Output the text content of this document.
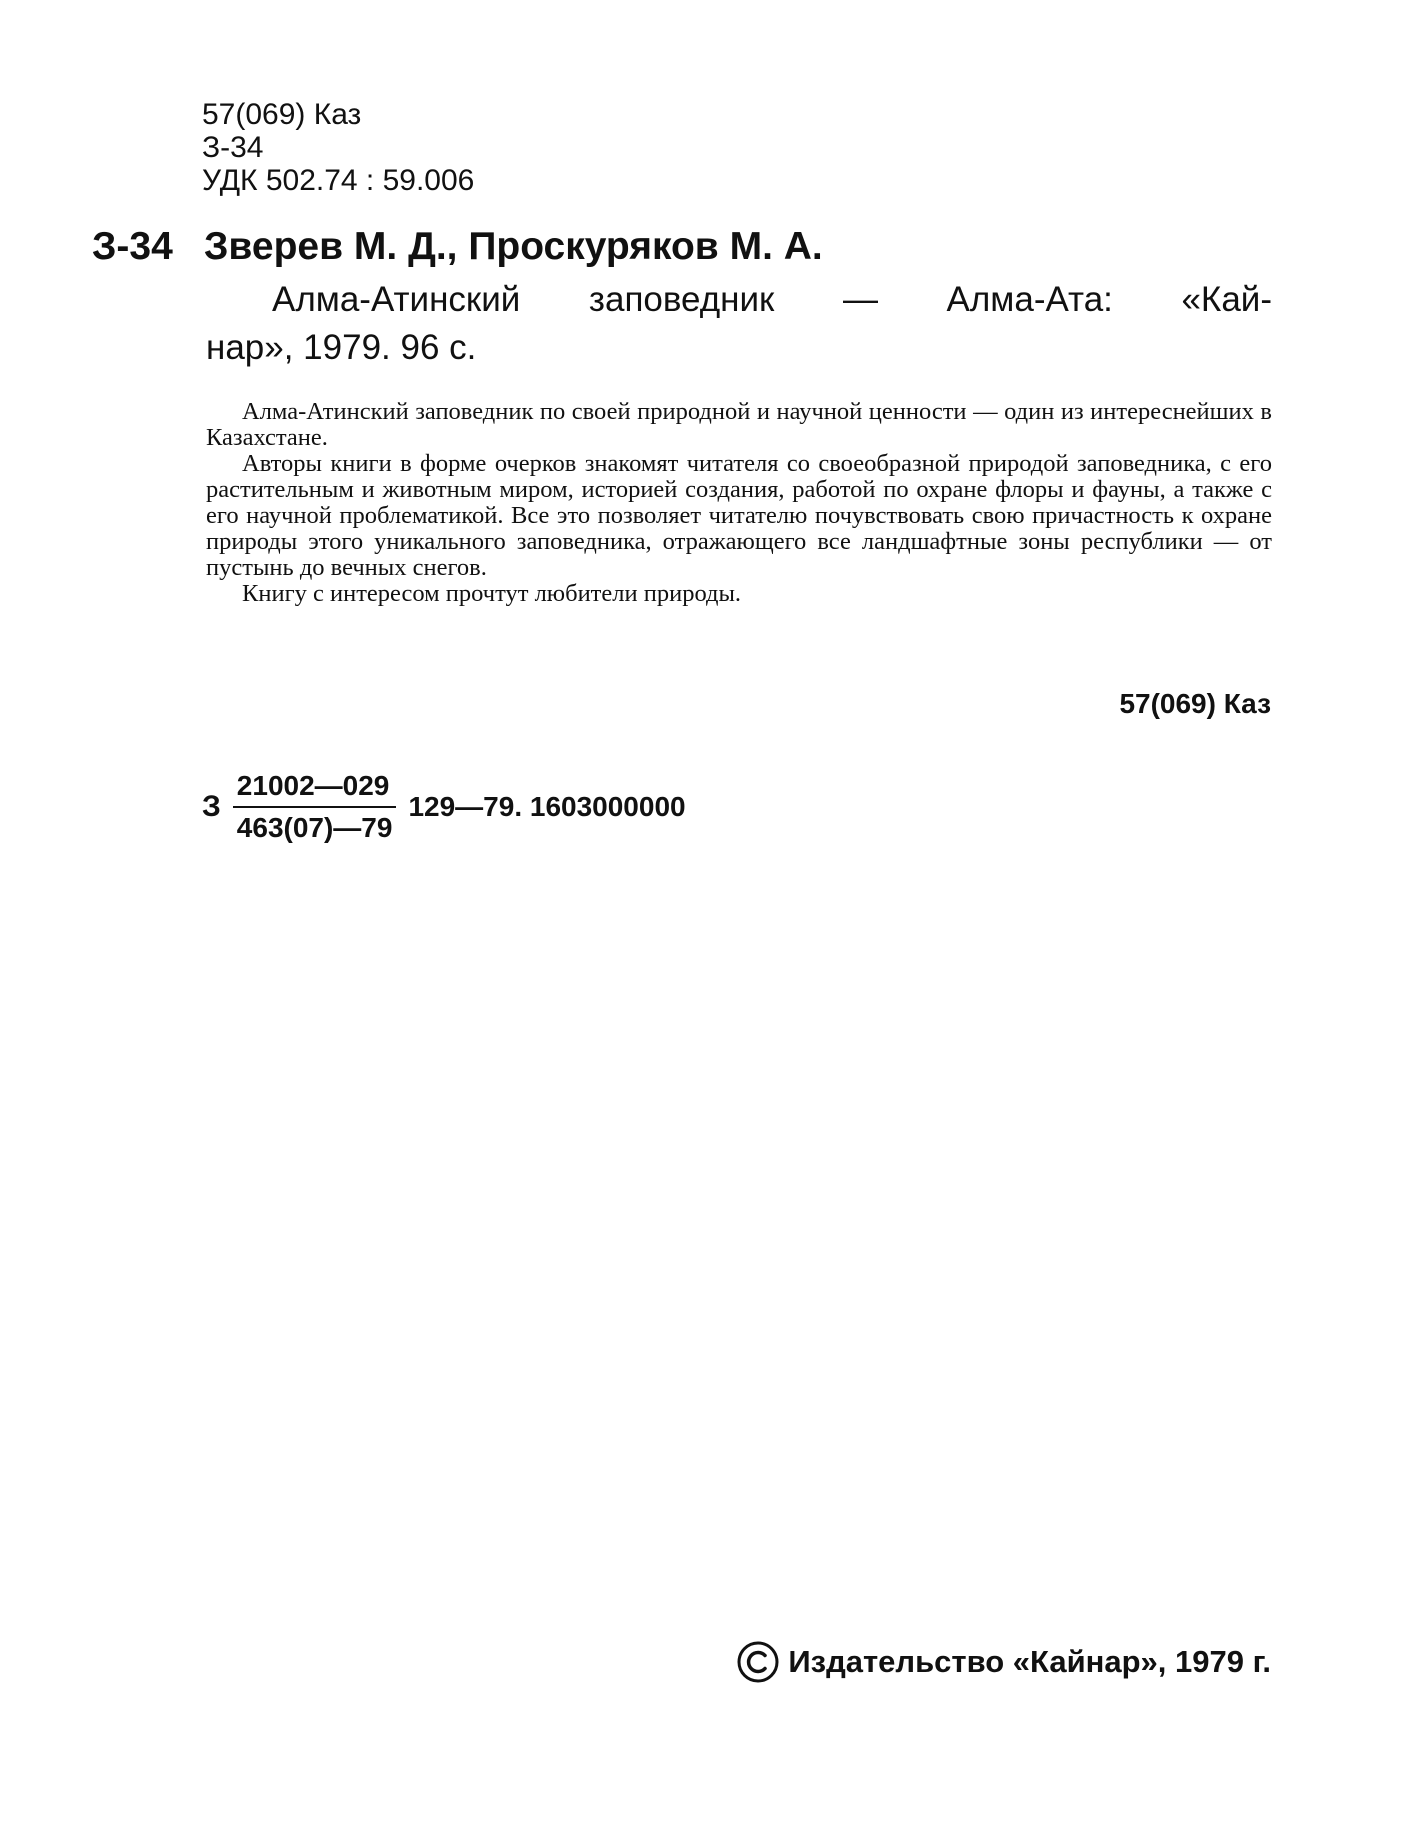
57(069) Каз
З-34
УДК 502.74 : 59.006
З-34 Зверев М. Д., Проскуряков М. А.
Алма-Атинский заповедник — Алма-Ата: «Кай-
нар», 1979. 96 с.

Алма-Атинский заповедник по своей природной и научной ценности — один из интереснейших в Казахстане.

Авторы книги в форме очерков знакомят читателя со своеобразной природой заповедника, с его растительным и животным миром, историей создания, работой по охране флоры и фауны, а также с его научной проблематикой. Все это позволяет читателю почувствовать свою причастность к охране природы этого уникального заповедника, отражающего все ландшафтные зоны республики — от пустынь до вечных снегов.

Книгу с интересом прочтут любители природы.

57(069) Каз
З $\frac{21002—029}{463(07)—79}$ 129—79. 1603000000
Издательство «Кайнар», 1979 г.
